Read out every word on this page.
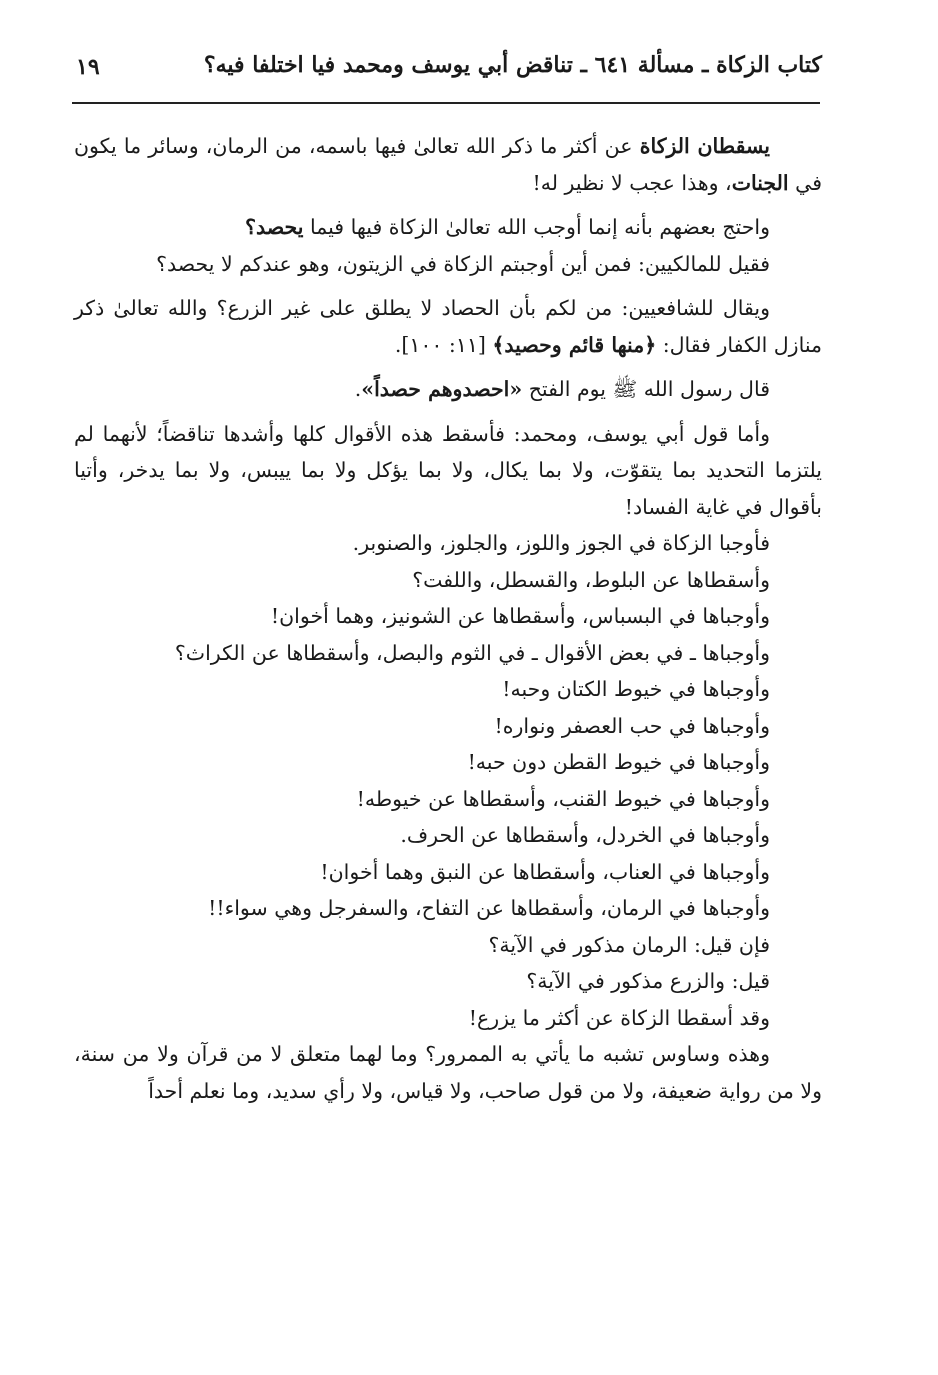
كتاب الزكاة ـ مسألة ٦٤١ ـ تناقض أبي يوسف ومحمد فيا اختلفا فيه؟
١٩

يسقطان الزكاة عن أكثر ما ذكر الله تعالىٰ فيها باسمه، من الرمان، وسائر ما يكون في الجنات، وهذا عجب لا نظير له!

واحتج بعضهم بأنه إنما أوجب الله تعالىٰ الزكاة فيها فيما يحصد؟

فقيل للمالكيين: فمن أين أوجبتم الزكاة في الزيتون، وهو عندكم لا يحصد؟

ويقال للشافعيين: من لكم بأن الحصاد لا يطلق على غير الزرع؟ والله تعالىٰ ذكر منازل الكفار فقال: ﴿منها قائم وحصيد﴾ [١١: ١٠٠].

قال رسول الله ﷺ يوم الفتح «احصدوهم حصداً».

وأما قول أبي يوسف، ومحمد: فأسقط هذه الأقوال كلها وأشدها تناقضاً؛ لأنهما لم يلتزما التحديد بما يتقوّت، ولا بما يكال، ولا بما يؤكل ولا بما ييبس، ولا بما يدخر، وأتيا بأقوال في غاية الفساد!

فأوجبا الزكاة في الجوز واللوز، والجلوز، والصنوبر.

وأسقطاها عن البلوط، والقسطل، واللفت؟

وأوجباها في البسباس، وأسقطاها عن الشونيز، وهما أخوان!

وأوجباها ـ في بعض الأقوال ـ في الثوم والبصل، وأسقطاها عن الكراث؟

وأوجباها في خيوط الكتان وحبه!

وأوجباها في حب العصفر ونواره!

وأوجباها في خيوط القطن دون حبه!

وأوجباها في خيوط القنب، وأسقطاها عن خيوطه!

وأوجباها في الخردل، وأسقطاها عن الحرف.

وأوجباها في العناب، وأسقطاها عن النبق وهما أخوان!

وأوجباها في الرمان، وأسقطاها عن التفاح، والسفرجل وهي سواء!!

فإن قيل: الرمان مذكور في الآية؟

قيل: والزرع مذكور في الآية؟

وقد أسقطا الزكاة عن أكثر ما يزرع!

وهذه وساوس تشبه ما يأتي به الممرور؟ وما لهما متعلق لا من قرآن ولا من سنة، ولا من رواية ضعيفة، ولا من قول صاحب، ولا قياس، ولا رأي سديد، وما نعلم أحداً
